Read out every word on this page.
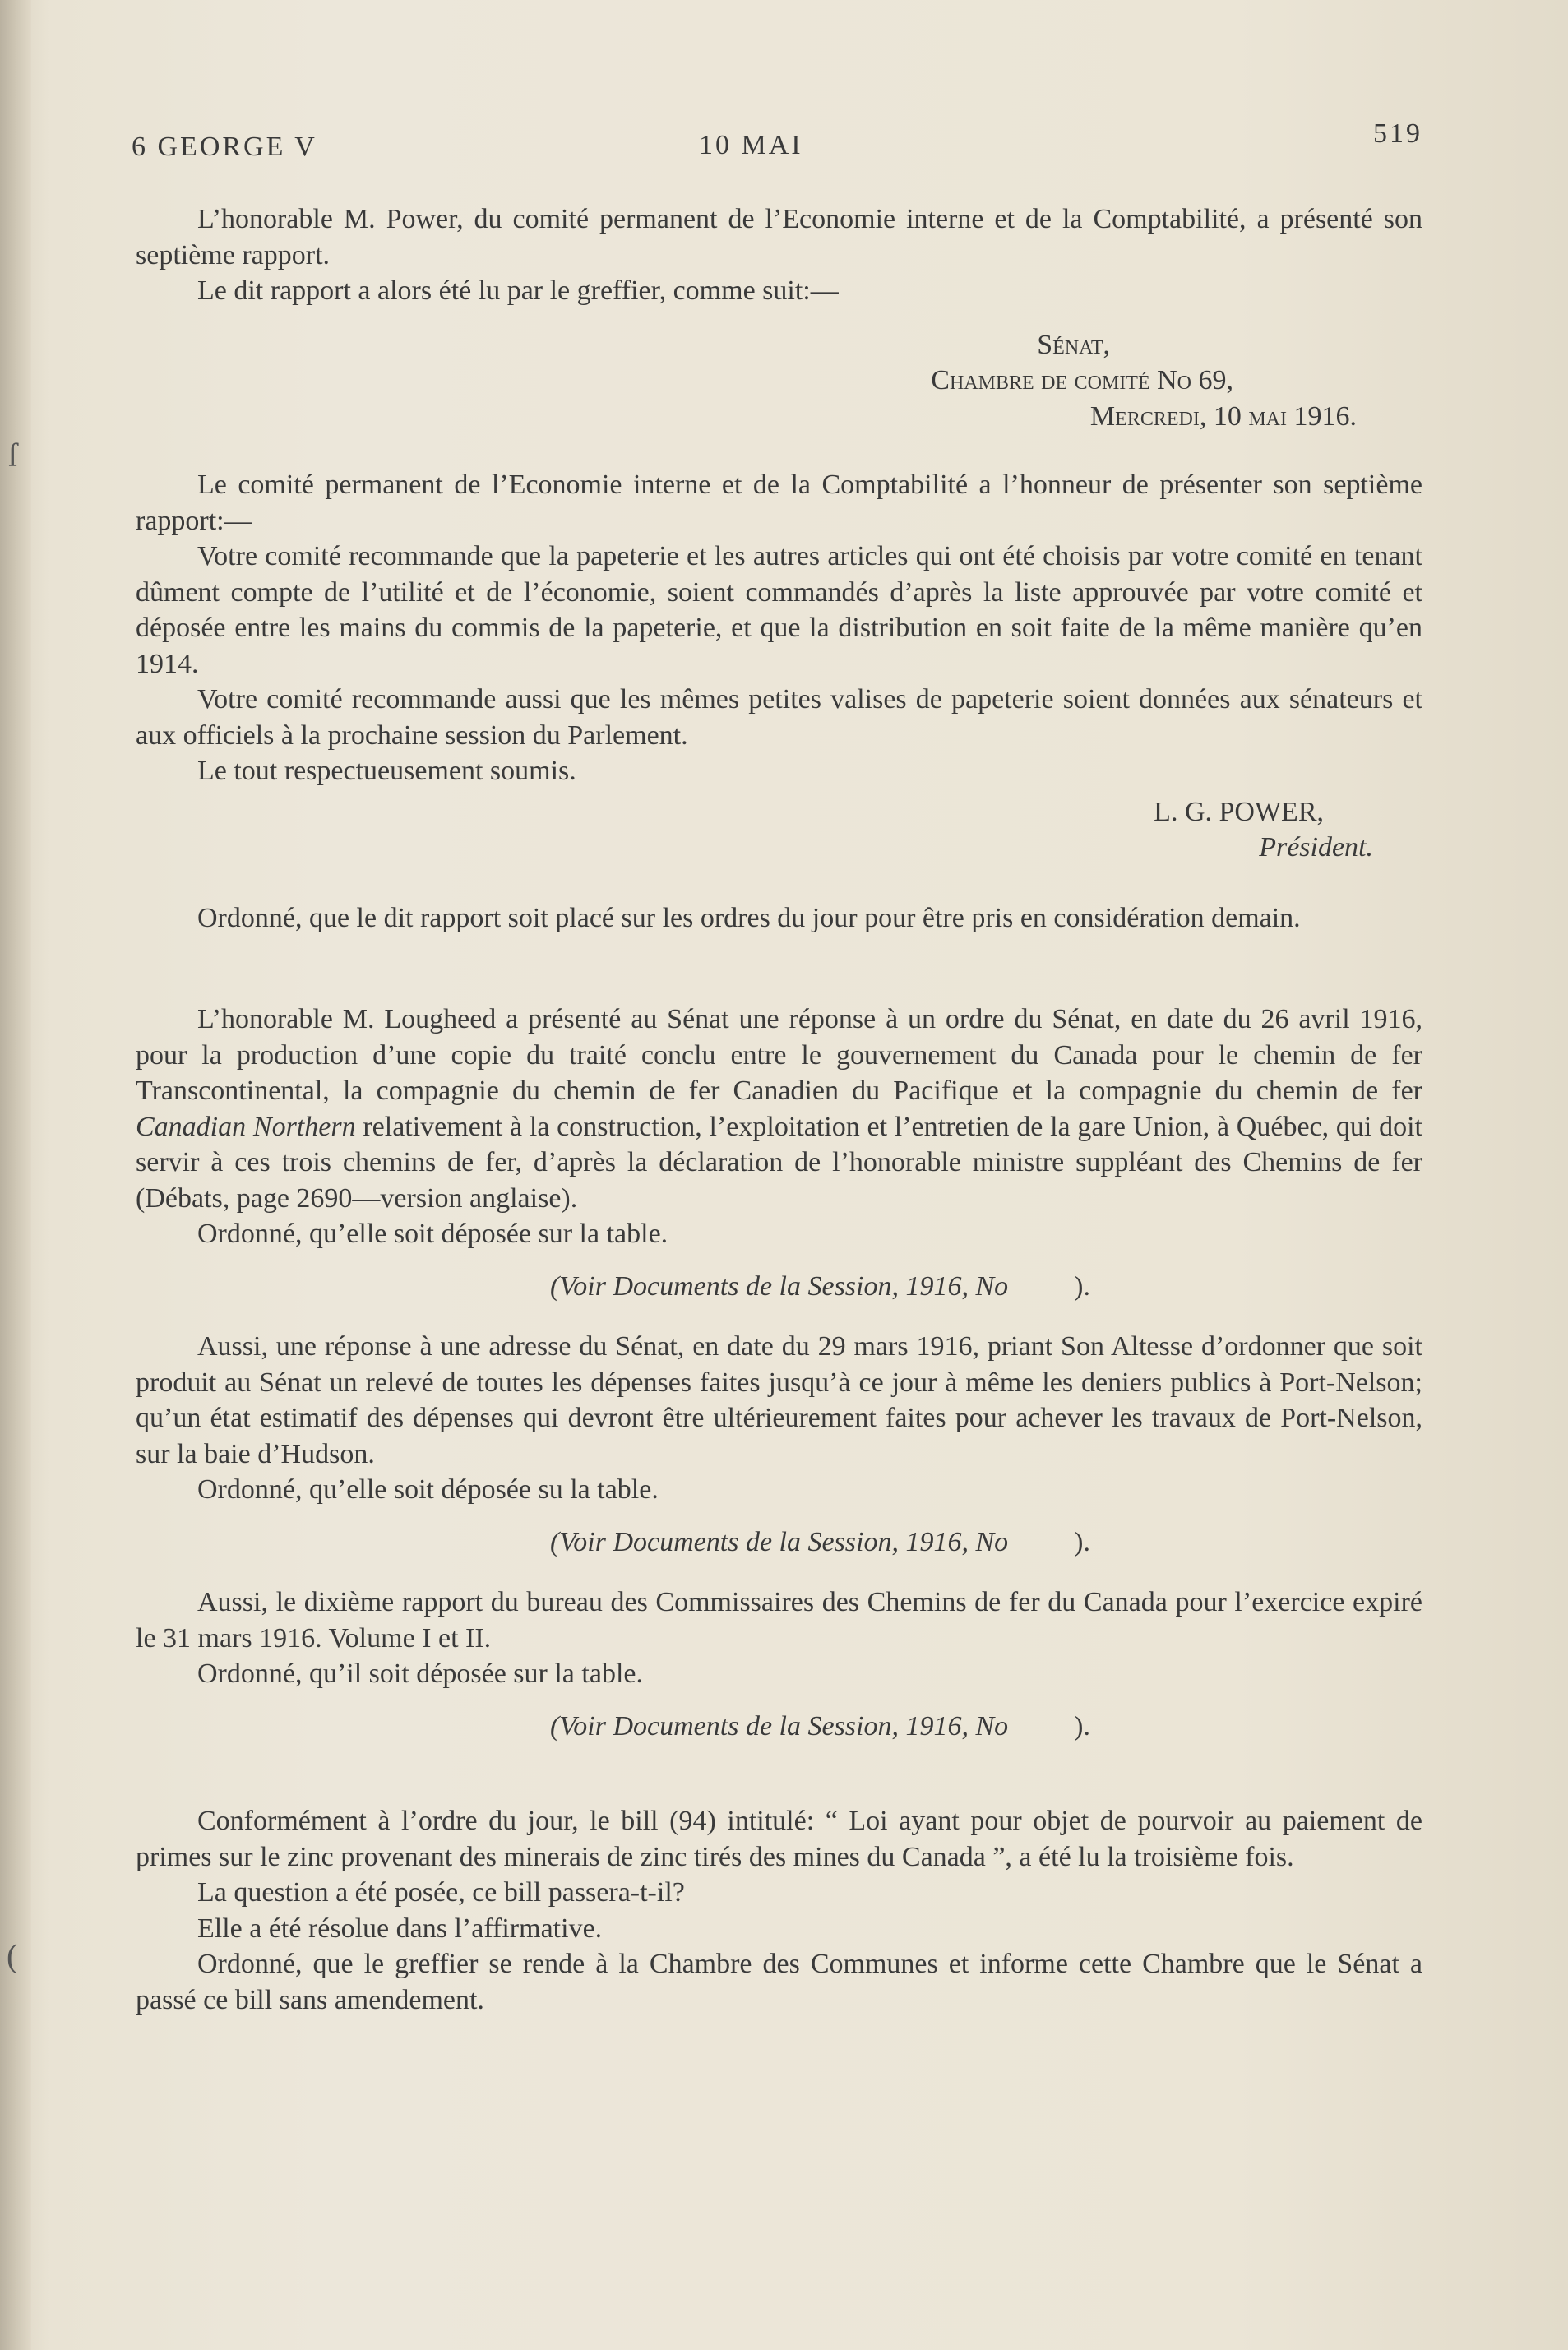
ſ
(
6 GEORGE V	10 MAI	519

L’honorable M. Power, du comité permanent de l’Economie interne et de la Comptabilité, a présenté son septième rapport.

Le dit rapport a alors été lu par le greffier, comme suit:—

Sénat,

Chambre de comité No 69,

Mercredi, 10 mai 1916.

Le comité permanent de l’Economie interne et de la Comptabilité a l’honneur de présenter son septième rapport:—

Votre comité recommande que la papeterie et les autres articles qui ont été choisis par votre comité en tenant dûment compte de l’utilité et de l’économie, soient commandés d’après la liste approuvée par votre comité et déposée entre les mains du commis de la papeterie, et que la distribution en soit faite de la même manière qu’en 1914.

Votre comité recommande aussi que les mêmes petites valises de papeterie soient données aux sénateurs et aux officiels à la prochaine session du Parlement.

Le tout respectueusement soumis.

L. G. POWER,

Président.

Ordonné, que le dit rapport soit placé sur les ordres du jour pour être pris en considération demain.

L’honorable M. Lougheed a présenté au Sénat une réponse à un ordre du Sénat, en date du 26 avril 1916, pour la production d’une copie du traité conclu entre le gouvernement du Canada pour le chemin de fer Transcontinental, la compagnie du chemin de fer Canadien du Pacifique et la compagnie du chemin de fer Canadian Northern relativement à la construction, l’exploitation et l’entretien de la gare Union, à Québec, qui doit servir à ces trois chemins de fer, d’après la déclaration de l’honorable ministre suppléant des Chemins de fer (Débats, page 2690—version anglaise).

Ordonné, qu’elle soit déposée sur la table.

(Voir Documents de la Session, 1916, No ).

Aussi, une réponse à une adresse du Sénat, en date du 29 mars 1916, priant Son Altesse d’ordonner que soit produit au Sénat un relevé de toutes les dépenses faites jusqu’à ce jour à même les deniers publics à Port-Nelson; qu’un état estimatif des dépenses qui devront être ultérieurement faites pour achever les travaux de Port-Nelson, sur la baie d’Hudson.

Ordonné, qu’elle soit déposée su la table.

(Voir Documents de la Session, 1916, No ).

Aussi, le dixième rapport du bureau des Commissaires des Chemins de fer du Canada pour l’exercice expiré le 31 mars 1916. Volume I et II.

Ordonné, qu’il soit déposée sur la table.

(Voir Documents de la Session, 1916, No ).

Conformément à l’ordre du jour, le bill (94) intitulé: “ Loi ayant pour objet de pourvoir au paiement de primes sur le zinc provenant des minerais de zinc tirés des mines du Canada ”, a été lu la troisième fois.

La question a été posée, ce bill passera-t-il?

Elle a été résolue dans l’affirmative.

Ordonné, que le greffier se rende à la Chambre des Communes et informe cette Chambre que le Sénat a passé ce bill sans amendement.
